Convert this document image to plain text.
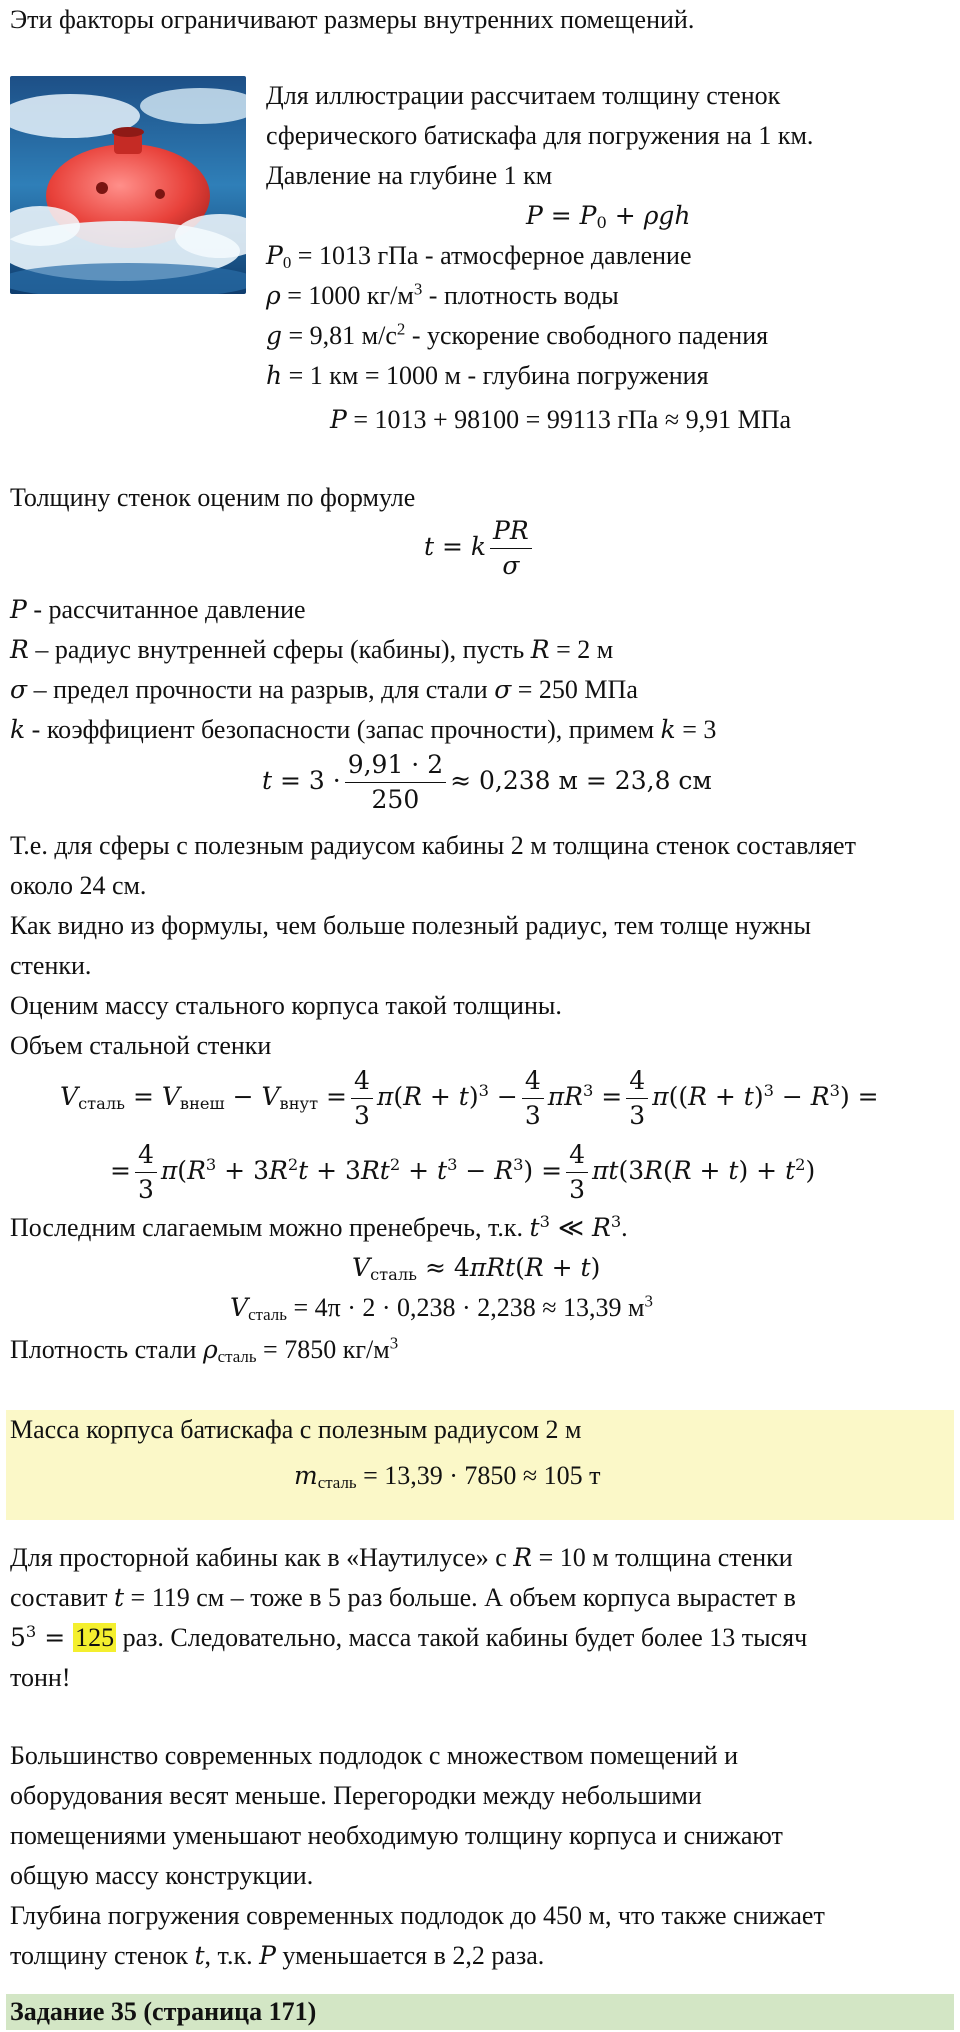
Эти факторы ограничивают размеры внутренних помещений.
Для иллюстрации рассчитаем толщину стенок
сферического батискафа для погружения на 1 км.
Давление на глубине 1 км
$P = P_0 + \rho gh$
$P_0 = 1013$ гПа - атмосферное давление
ρ = 1000 $кг/м^3$ - плотность воды
g = 9,81 $м/с^2$ - ускорение свободного падения
h = 1 км = 1000 м - глубина погружения
P = 1013 + 98100 = 99113 гПа ≈ 9,91 МПа
Толщину стенок оценим по формуле
t = k $\frac{PR}{\sigma}$
P - рассчитанное давление
R – радиус внутренней сферы (кабины), пусть R = 2 м
σ – предел прочности на разрыв, для стали σ = 250 МПа
k - коэффициент безопасности (запас прочности), примем k = 3
$t = 3 \cdot \frac{9,91 \cdot 2}{250} \approx 0,238$ м = 23,8 см
Т.е. для сферы с полезным радиусом кабины 2 м толщина стенок составляет
около 24 см.
Как видно из формулы, чем больше полезный радиус, тем толще нужны
стенки.
Оценим массу стального корпуса такой толщины.
Объем стальной стенки
$V_{сталь} = V_{внеш} - V_{внут} = \frac{4}{3} \pi(R + t)^3 - \frac{4}{3} \pi R^3 = \frac{4}{3} \pi((R + t)^3 - R^3)$ =
= $\frac{4}{3} \pi(R^3 + 3R^2t + 3Rt^2 + t^3 - R^3) = \frac{4}{3} \pi t(3R(R + t) + t^2)$
Последним слагаемым можно пренебречь, т.к. $t^3$ ≪ $R^3$.
$V_{сталь} \approx 4\pi Rt(R + t)$
$V_{сталь} = 4\pi \cdot 2 \cdot 0,238 \cdot 2,238 \approx 13,39$ $м^3$
Плотность стали $\rho_{сталь} = 7850$ $кг/м^3$
Масса корпуса батискафа с полезным радиусом 2 м
$m_{сталь} = 13,39 \cdot 7850 \approx 105$ т
Для просторной кабины как в «Наутилусе» с R = 10 м толщина стенки
составит t = 119 см – тоже в 5 раз больше. А объем корпуса вырастет в
$5^3 = 125$ раз. Следовательно, масса такой кабины будет более 13 тысяч
тонн!
Большинство современных подлодок с множеством помещений и
оборудования весят меньше. Перегородки между небольшими
помещениями уменьшают необходимую толщину корпуса и снижают
общую массу конструкции.
Глубина погружения современных подлодок до 450 м, что также снижает
толщину стенок t, т.к. P уменьшается в 2,2 раза.
Задание 35 (страница 171)
